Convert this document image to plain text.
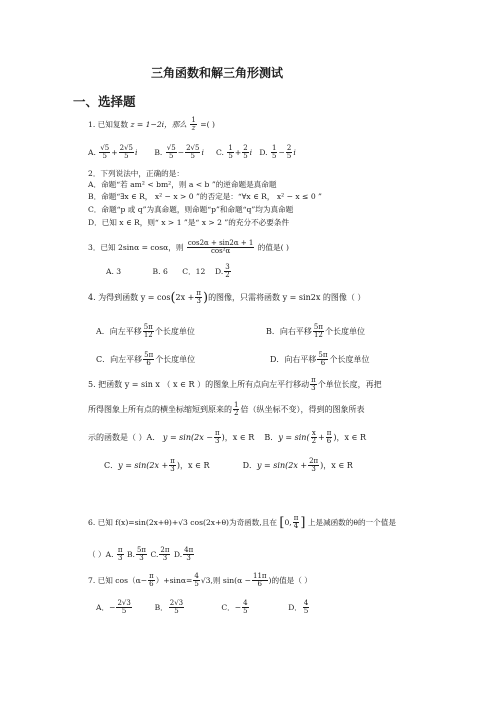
三角函数和解三角形测试
一、选择题
1. 已知复数 z = 1−2i，那么 $\frac{1}{z}$ =( )
A. $\frac{√5}{5} + \frac{2√5}{5}$ i B. $\frac{√5}{5} - \frac{2√5}{5}$ i C. $\frac{1}{5} + \frac{2}{5}$ i D. $\frac{1}{5} - \frac{2}{5}$ i
2．下列说法中，正确的是：
A．命题“若 am² < bm²，则 a < b ”的逆命题是真命题
B．命题“∃x ∈ R， x² − x > 0 ”的否定是：“∀x ∈ R， x² − x ≤ 0 ”
C．命题“p 或 q”为真命题，则命题“p”和命题“q”均为真命题
D．已知 x ∈ R，则“ x > 1 ”是“ x > 2 ”的充分不必要条件
3．已知 2sinα = cosα，则 $\frac{\cos 2\alpha + \sin 2\alpha + 1}{\text{cos²α}}$ 的值是( )
A. 3	B. 6 C．12 D. $\frac{3}{2}$
4. 为得到函数 $y = \cos(2x + \frac{\pi}{3}$ )的图像，只需将函数 y = sin2x 的图像（ ）
A．向左平移 $\frac{5\pi}{12}$ 个长度单位	B．向右平移 $\frac{5\pi}{12}$ 个长度单位
C．向左平移 $\frac{5\pi}{6}$ 个长度单位	D．向右平移 $\frac{5\pi}{6}$ 个长度单位
5. 把函数 y = sin x （ x ∈ R ）的图象上所有点向左平行移动 $\frac{\pi}{3}$ 个单位长度，再把
所得图象上所有点的横坐标缩短到原来的 $\frac{1}{2}$ 倍（纵坐标不变），得到的图象所表
示的函数是（ ）A． $y = \sin(2x - \frac{\pi}{3}$ )，x ∈ R B．$y = \sin( \frac{x}{2} + \frac{\pi}{6}$ )，x ∈ R
C．$y = \sin(2x + \frac{\pi}{3}$ )，x ∈ R	D．$y = \sin(2x + \frac{2\pi}{3}$ )，x ∈ R
6. 已知 f(x)=sin(2x+θ)+√3 cos(2x+θ)为奇函数,且在 [0, $\frac{\pi}{4}$ ] 上是减函数的θ的一个值是
（ ）A. $\frac{\pi}{3} B$. $\frac{5\pi}{3} C$. $\frac{2\pi}{3} D$. $\frac{4\pi}{3}$
7. 已知 $\cos(\alpha- \frac{\pi}{6} )+\sin\alpha= \frac{4}{5} √3$,则 $\sin(\alpha - \frac{11\pi}{6}$ )的值是（ ）
A．− $\frac{2√3}{5}$	B． $\frac{2√3}{5}$	C．− $\frac{4}{5}$	D． $\frac{4}{5}$
